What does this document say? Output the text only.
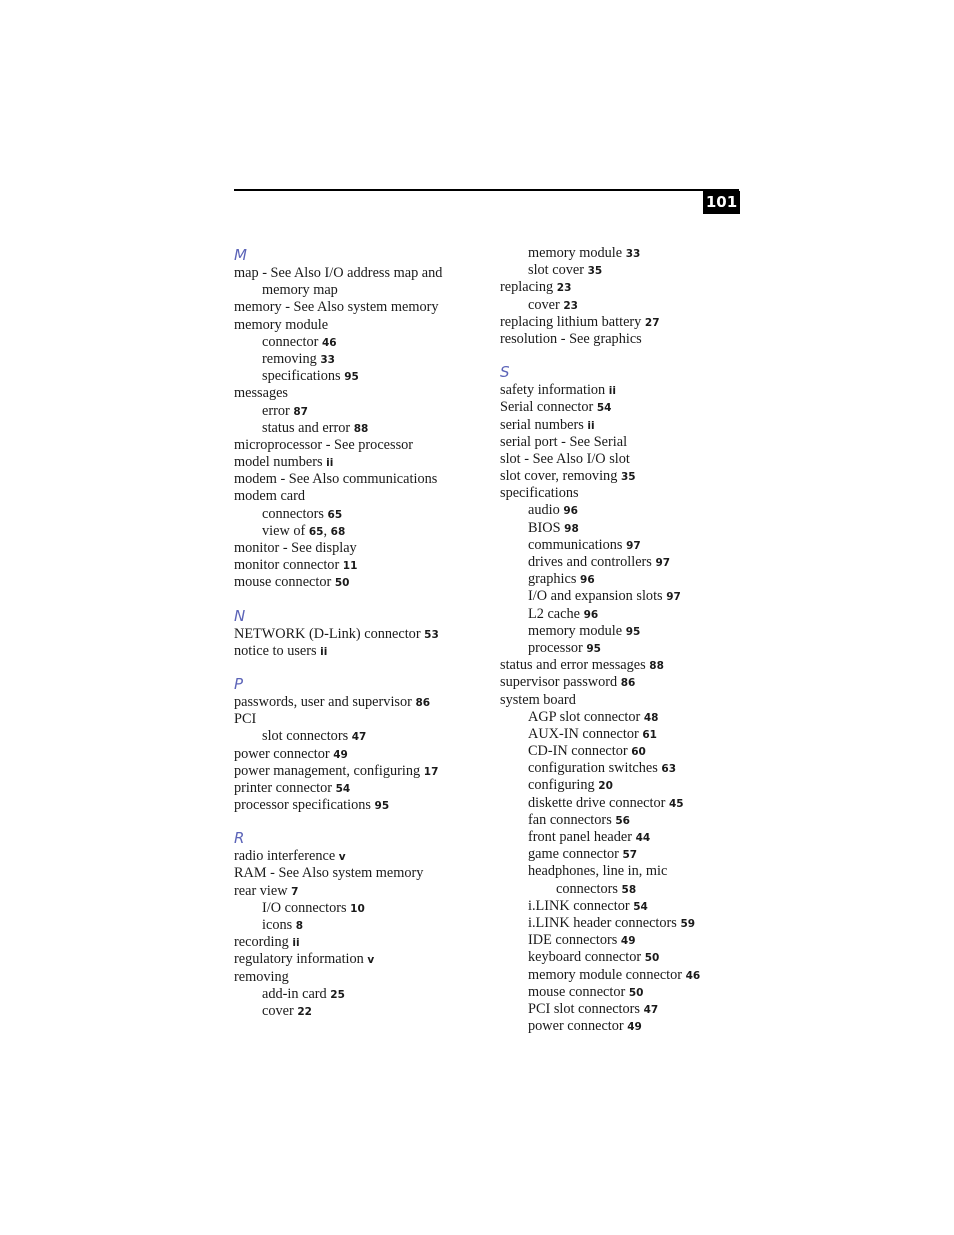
101
M
map - See Also I/O address map and
memory map
memory - See Also system memory
memory module
connector 46
removing 33
specifications 95
messages
error 87
status and error 88
microprocessor - See processor
model numbers ii
modem - See Also communications
modem card
connectors 65
view of 65, 68
monitor - See display
monitor connector 11
mouse connector 50
N
NETWORK (D-Link) connector 53
notice to users ii
P
passwords, user and supervisor 86
PCI
slot connectors 47
power connector 49
power management, configuring 17
printer connector 54
processor specifications 95
R
radio interference v
RAM - See Also system memory
rear view 7
I/O connectors 10
icons 8
recording ii
regulatory information v
removing
add-in card 25
cover 22
memory module 33
slot cover 35
replacing 23
cover 23
replacing lithium battery 27
resolution - See graphics
S
safety information ii
Serial connector 54
serial numbers ii
serial port - See Serial
slot - See Also I/O slot
slot cover, removing 35
specifications
audio 96
BIOS 98
communications 97
drives and controllers 97
graphics 96
I/O and expansion slots 97
L2 cache 96
memory module 95
processor 95
status and error messages 88
supervisor password 86
system board
AGP slot connector 48
AUX-IN connector 61
CD-IN connector 60
configuration switches 63
configuring 20
diskette drive connector 45
fan connectors 56
front panel header 44
game connector 57
headphones, line in, mic
connectors 58
i.LINK connector 54
i.LINK header connectors 59
IDE connectors 49
keyboard connector 50
memory module connector 46
mouse connector 50
PCI slot connectors 47
power connector 49
